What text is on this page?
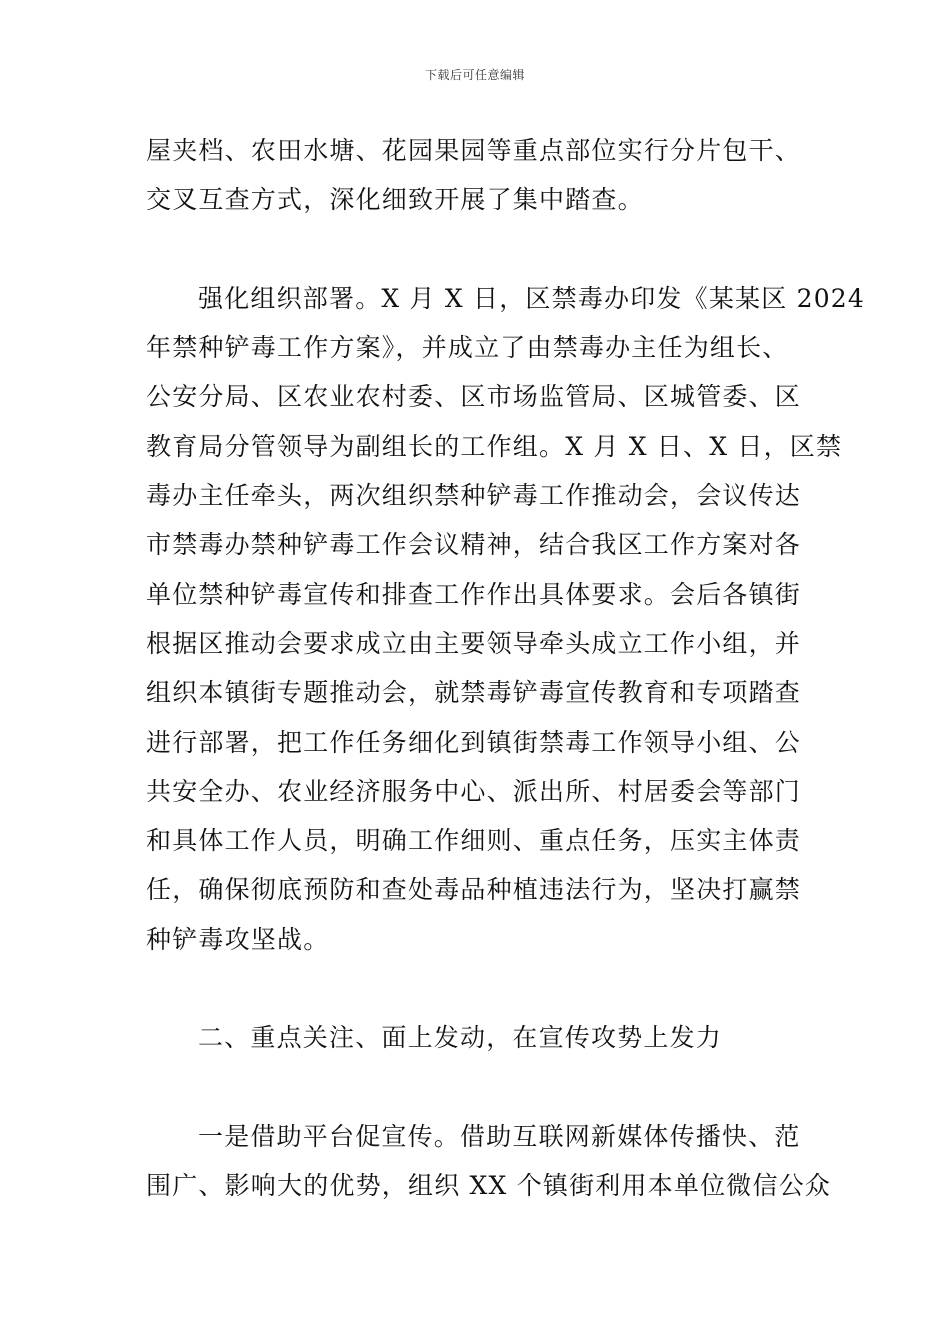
下载后可任意编辑
屋夹档、农田水塘、花园果园等重点部位实行分片包干、
交叉互查方式，深化细致开展了集中踏查。
强化组织部署。X 月 X 日，区禁毒办印发《某某区 2024
年禁种铲毒工作方案》，并成立了由禁毒办主任为组长、
公安分局、区农业农村委、区市场监管局、区城管委、区
教育局分管领导为副组长的工作组。X 月 X 日、X 日，区禁
毒办主任牵头，两次组织禁种铲毒工作推动会，会议传达
市禁毒办禁种铲毒工作会议精神，结合我区工作方案对各
单位禁种铲毒宣传和排查工作作出具体要求。会后各镇街
根据区推动会要求成立由主要领导牵头成立工作小组，并
组织本镇街专题推动会，就禁毒铲毒宣传教育和专项踏查
进行部署，把工作任务细化到镇街禁毒工作领导小组、公
共安全办、农业经济服务中心、派出所、村居委会等部门
和具体工作人员，明确工作细则、重点任务，压实主体责
任，确保彻底预防和查处毒品种植违法行为，坚决打赢禁
种铲毒攻坚战。
二、重点关注、面上发动，在宣传攻势上发力
一是借助平台促宣传。借助互联网新媒体传播快、范
围广、影响大的优势，组织 XX 个镇街利用本单位微信公众
